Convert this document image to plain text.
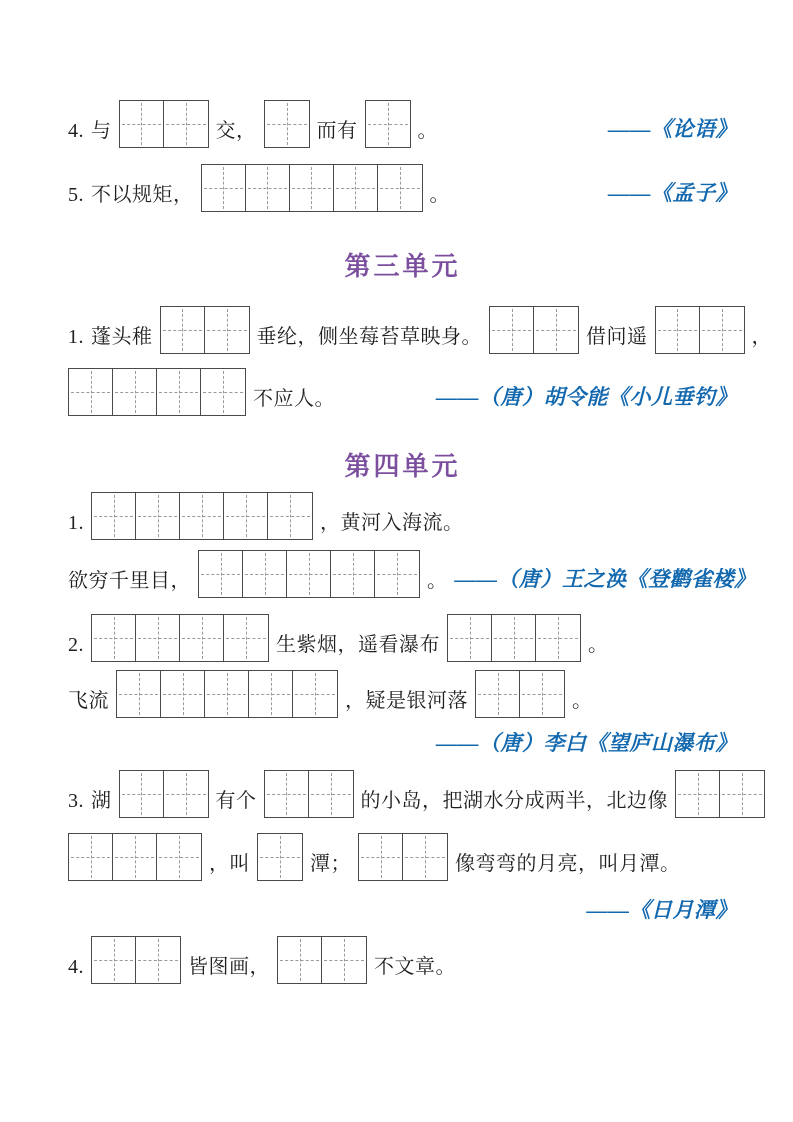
4. 与	交，	而有	。	——《论语》
5. 不以规矩，	。	——《孟子》
第三单元
1. 蓬头稚	垂纶，侧坐莓苔草映身。	借问遥	，
不应人。	——（唐）胡令能《小儿垂钓》
第四单元
1.	，黄河入海流。
欲穷千里目，	。 ——（唐）王之涣《登鹳雀楼》
2.	生紫烟，遥看瀑布	。
飞流	，疑是银河落	。
——（唐）李白《望庐山瀑布》
3. 湖	有个	的小岛，把湖水分成两半，北边像
，叫	潭；	像弯弯的月亮，叫月潭。
——《日月潭》
4.	皆图画，	不文章。
